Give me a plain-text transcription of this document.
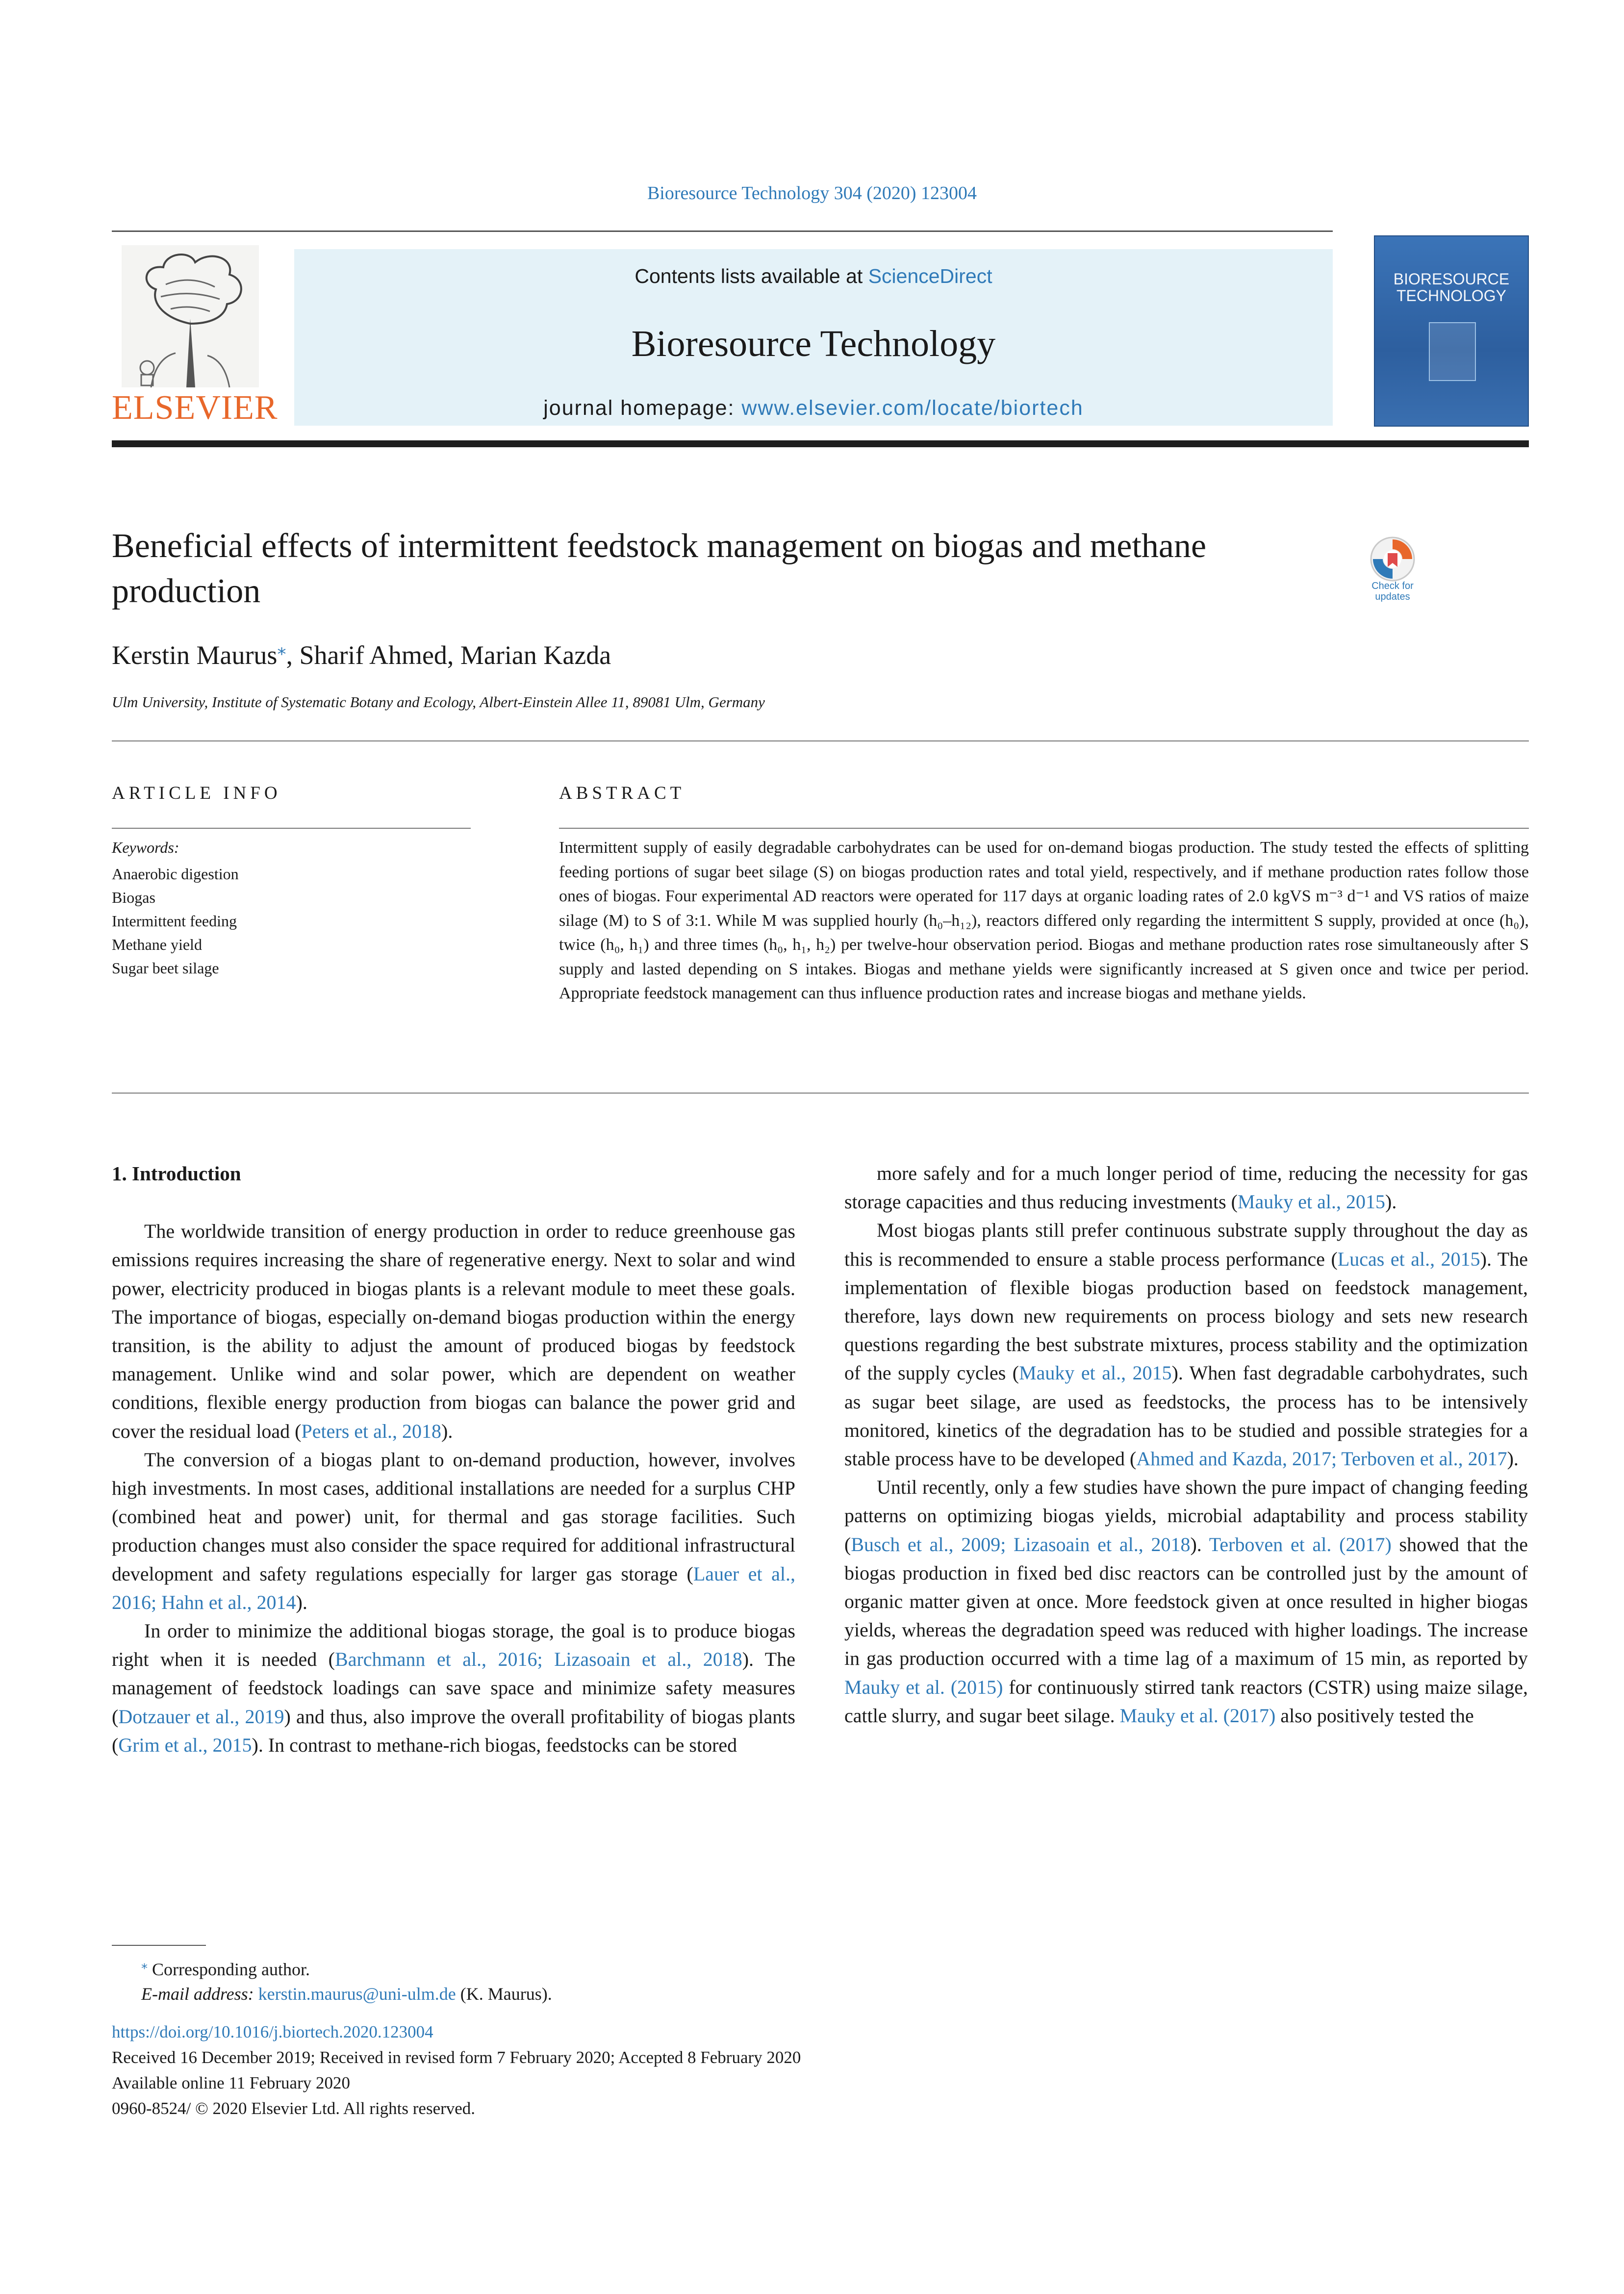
Bioresource Technology 304 (2020) 123004
ELSEVIER
Contents lists available at ScienceDirect
Bioresource Technology
journal homepage: www.elsevier.com/locate/biortech
BIORESOURCE TECHNOLOGY
Beneficial effects of intermittent feedstock management on biogas and methane production	Check for updates
Kerstin Maurus⁎, Sharif Ahmed, Marian Kazda
Ulm University, Institute of Systematic Botany and Ecology, Albert-Einstein Allee 11, 89081 Ulm, Germany
ARTICLE INFO	ABSTRACT
Keywords:
Anaerobic digestion
Biogas
Intermittent feeding
Methane yield
Sugar beet silage

Intermittent supply of easily degradable carbohydrates can be used for on-demand biogas production. The study tested the effects of splitting feeding portions of sugar beet silage (S) on biogas production rates and total yield, respectively, and if methane production rates follow those ones of biogas. Four experimental AD reactors were operated for 117 days at organic loading rates of 2.0 kgVS m⁻³ d⁻¹ and VS ratios of maize silage (M) to S of 3:1. While M was supplied hourly (h₀–h₁₂), reactors differed only regarding the intermittent S supply, provided at once (h₀), twice (h₀, h₁) and three times (h₀, h₁, h₂) per twelve-hour observation period. Biogas and methane production rates rose simultaneously after S supply and lasted depending on S intakes. Biogas and methane yields were significantly increased at S given once and twice per period. Appropriate feedstock management can thus influence production rates and increase biogas and methane yields.

1. Introduction

The worldwide transition of energy production in order to reduce greenhouse gas emissions requires increasing the share of regenerative energy. Next to solar and wind power, electricity produced in biogas plants is a relevant module to meet these goals. The importance of biogas, especially on-demand biogas production within the energy transition, is the ability to adjust the amount of produced biogas by feedstock management. Unlike wind and solar power, which are dependent on weather conditions, flexible energy production from biogas can balance the power grid and cover the residual load (Peters et al., 2018).

The conversion of a biogas plant to on-demand production, however, involves high investments. In most cases, additional installations are needed for a surplus CHP (combined heat and power) unit, for thermal and gas storage facilities. Such production changes must also consider the space required for additional infrastructural development and safety regulations especially for larger gas storage (Lauer et al., 2016; Hahn et al., 2014).

In order to minimize the additional biogas storage, the goal is to produce biogas right when it is needed (Barchmann et al., 2016; Lizasoain et al., 2018). The management of feedstock loadings can save space and minimize safety measures (Dotzauer et al., 2019) and thus, also improve the overall profitability of biogas plants (Grim et al., 2015). In contrast to methane-rich biogas, feedstocks can be stored

more safely and for a much longer period of time, reducing the necessity for gas storage capacities and thus reducing investments (Mauky et al., 2015).

Most biogas plants still prefer continuous substrate supply throughout the day as this is recommended to ensure a stable process performance (Lucas et al., 2015). The implementation of flexible biogas production based on feedstock management, therefore, lays down new requirements on process biology and sets new research questions regarding the best substrate mixtures, process stability and the optimization of the supply cycles (Mauky et al., 2015). When fast degradable carbohydrates, such as sugar beet silage, are used as feedstocks, the process has to be intensively monitored, kinetics of the degradation has to be studied and possible strategies for a stable process have to be developed (Ahmed and Kazda, 2017; Terboven et al., 2017).

Until recently, only a few studies have shown the pure impact of changing feeding patterns on optimizing biogas yields, microbial adaptability and process stability (Busch et al., 2009; Lizasoain et al., 2018). Terboven et al. (2017) showed that the biogas production in fixed bed disc reactors can be controlled just by the amount of organic matter given at once. More feedstock given at once resulted in higher biogas yields, whereas the degradation speed was reduced with higher loadings. The increase in gas production occurred with a time lag of a maximum of 15 min, as reported by Mauky et al. (2015) for continuously stirred tank reactors (CSTR) using maize silage, cattle slurry, and sugar beet silage. Mauky et al. (2017) also positively tested the

⁎ Corresponding author.
E-mail address: kerstin.maurus@uni-ulm.de (K. Maurus).
https://doi.org/10.1016/j.biortech.2020.123004
Received 16 December 2019; Received in revised form 7 February 2020; Accepted 8 February 2020
Available online 11 February 2020
0960-8524/ © 2020 Elsevier Ltd. All rights reserved.
